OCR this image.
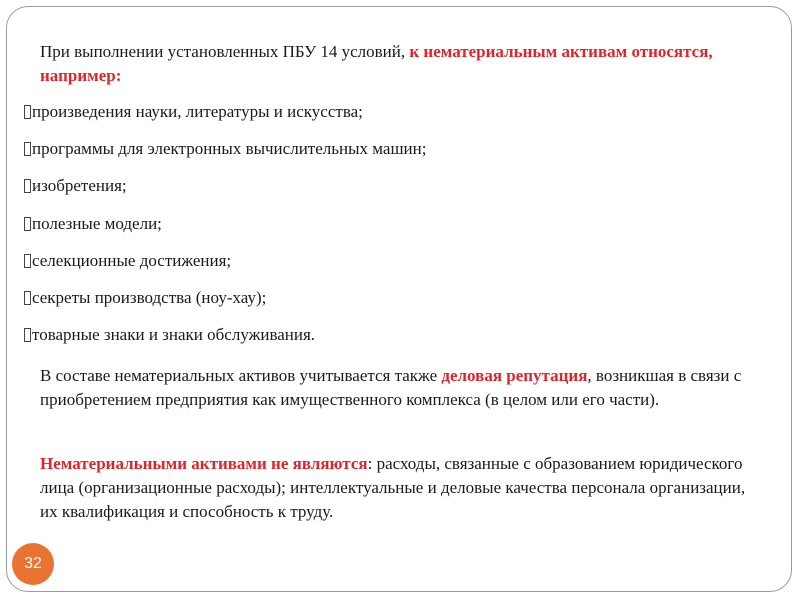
При выполнении установленных ПБУ 14 условий, к нематериальным активам относятся, например:

произведения науки, литературы и искусства;
программы для электронных вычислительных машин;
изобретения;
полезные модели;
селекционные достижения;
секреты производства (ноу-хау);
товарные знаки и знаки обслуживания.

В составе нематериальных активов учитывается также деловая репутация, возникшая в связи с приобретением предприятия как имущественного комплекса (в целом или его части).

Нематериальными активами не являются: расходы, связанные с образованием юридического лица (организационные расходы); интеллектуальные и деловые качества персонала организации, их квалификация и способность к труду.

32
